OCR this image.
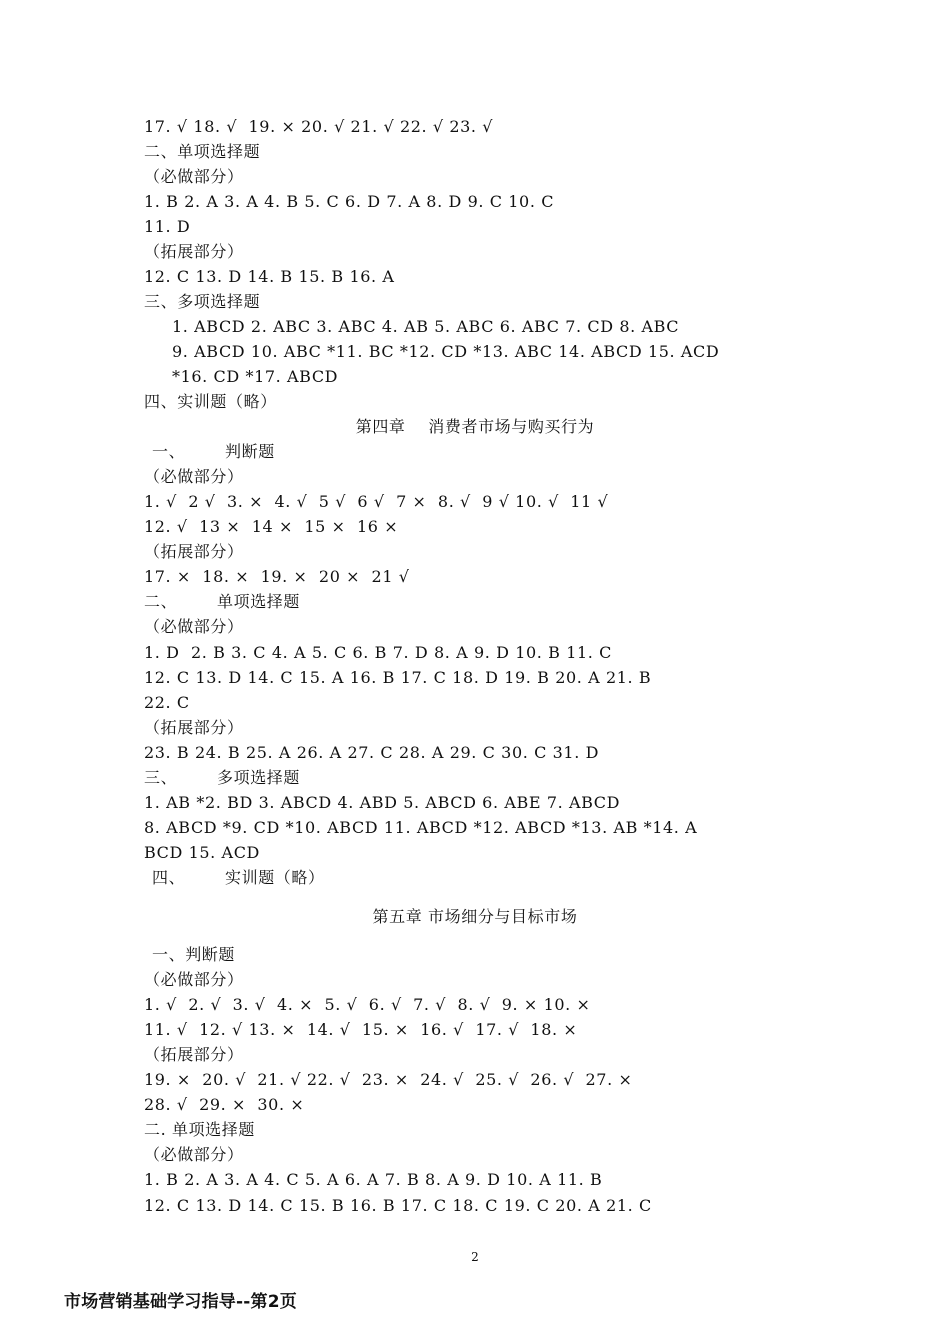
17. √ 18. √  19. × 20. √ 21. √ 22. √ 23. √
二、单项选择题
（必做部分）
1. B 2. A 3. A 4. B 5. C 6. D 7. A 8. D 9. C 10. C
11. D
（拓展部分）
12. C 13. D 14. B 15. B 16. A
三、多项选择题
1. ABCD 2. ABC 3. ABC 4. AB 5. ABC 6. ABC 7. CD 8. ABC
9. ABCD 10. ABC *11. BC *12. CD *13. ABC 14. ABCD 15. ACD
*16. CD *17. ABCD
四、实训题（略）
第四章    消费者市场与购买行为
一、       判断题
（必做部分）
1. √  2 √  3. ×  4. √  5 √  6 √  7 ×  8. √  9 √ 10. √  11 √
12. √  13 ×  14 ×  15 ×  16 ×
（拓展部分）
17. ×  18. ×  19. ×  20 ×  21 √
二、       单项选择题
（必做部分）
1. D  2. B 3. C 4. A 5. C 6. B 7. D 8. A 9. D 10. B 11. C
12. C 13. D 14. C 15. A 16. B 17. C 18. D 19. B 20. A 21. B
22. C
（拓展部分）
23. B 24. B 25. A 26. A 27. C 28. A 29. C 30. C 31. D
三、       多项选择题
1. AB *2. BD 3. ABCD 4. ABD 5. ABCD 6. ABE 7. ABCD
8. ABCD *9. CD *10. ABCD 11. ABCD *12. ABCD *13. AB *14. A
BCD 15. ACD
四、       实训题（略）
第五章 市场细分与目标市场
一、判断题
（必做部分）
1. √  2. √  3. √  4. ×  5. √  6. √  7. √  8. √  9. × 10. ×
11. √  12. √ 13. ×  14. √  15. ×  16. √  17. √  18. ×
（拓展部分）
19. ×  20. √  21. √ 22. √  23. ×  24. √  25. √  26. √  27. ×
28. √  29. ×  30. ×
二. 单项选择题
（必做部分）
1. B 2. A 3. A 4. C 5. A 6. A 7. B 8. A 9. D 10. A 11. B
12. C 13. D 14. C 15. B 16. B 17. C 18. C 19. C 20. A 21. C
2
市场营销基础学习指导--第2页
